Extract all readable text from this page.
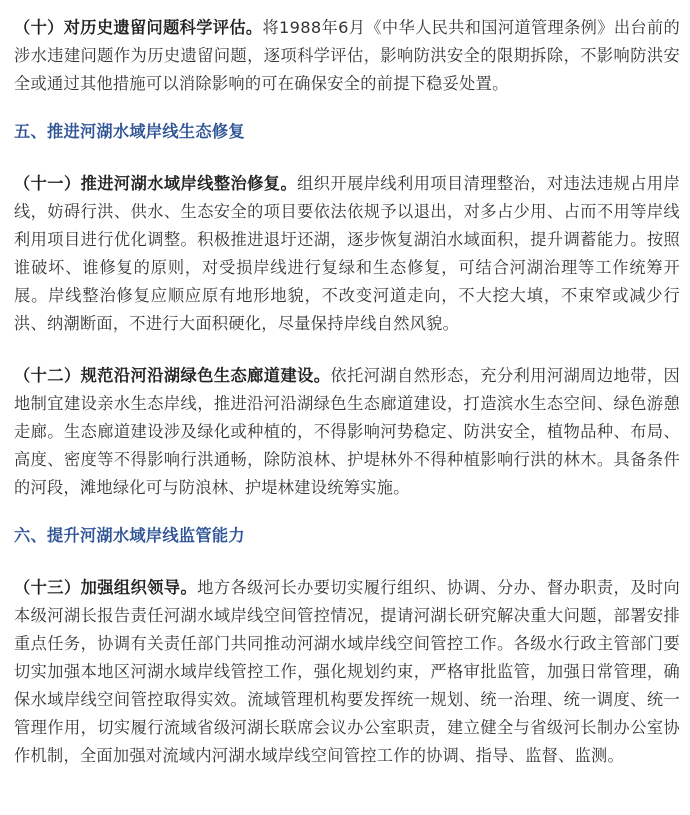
（十）对历史遗留问题科学评估。将1988年6月《中华人民共和国河道管理条例》出台前的涉水违建问题作为历史遗留问题，逐项科学评估，影响防洪安全的限期拆除，不影响防洪安全或通过其他措施可以消除影响的可在确保安全的前提下稳妥处置。

五、推进河湖水域岸线生态修复

（十一）推进河湖水域岸线整治修复。组织开展岸线利用项目清理整治，对违法违规占用岸线，妨碍行洪、供水、生态安全的项目要依法依规予以退出，对多占少用、占而不用等岸线利用项目进行优化调整。积极推进退圩还湖，逐步恢复湖泊水域面积，提升调蓄能力。按照谁破坏、谁修复的原则，对受损岸线进行复绿和生态修复，可结合河湖治理等工作统筹开展。岸线整治修复应顺应原有地形地貌，不改变河道走向，不大挖大填，不束窄或减少行洪、纳潮断面，不进行大面积硬化，尽量保持岸线自然风貌。

（十二）规范沿河沿湖绿色生态廊道建设。依托河湖自然形态，充分利用河湖周边地带，因地制宜建设亲水生态岸线，推进沿河沿湖绿色生态廊道建设，打造滨水生态空间、绿色游憩走廊。生态廊道建设涉及绿化或种植的，不得影响河势稳定、防洪安全，植物品种、布局、高度、密度等不得影响行洪通畅，除防浪林、护堤林外不得种植影响行洪的林木。具备条件的河段，滩地绿化可与防浪林、护堤林建设统筹实施。

六、提升河湖水域岸线监管能力

（十三）加强组织领导。地方各级河长办要切实履行组织、协调、分办、督办职责，及时向本级河湖长报告责任河湖水域岸线空间管控情况，提请河湖长研究解决重大问题，部署安排重点任务，协调有关责任部门共同推动河湖水域岸线空间管控工作。各级水行政主管部门要切实加强本地区河湖水域岸线管控工作，强化规划约束，严格审批监管，加强日常管理，确保水域岸线空间管控取得实效。流域管理机构要发挥统一规划、统一治理、统一调度、统一管理作用，切实履行流域省级河湖长联席会议办公室职责，建立健全与省级河长制办公室协作机制，全面加强对流域内河湖水域岸线空间管控工作的协调、指导、监督、监测。
